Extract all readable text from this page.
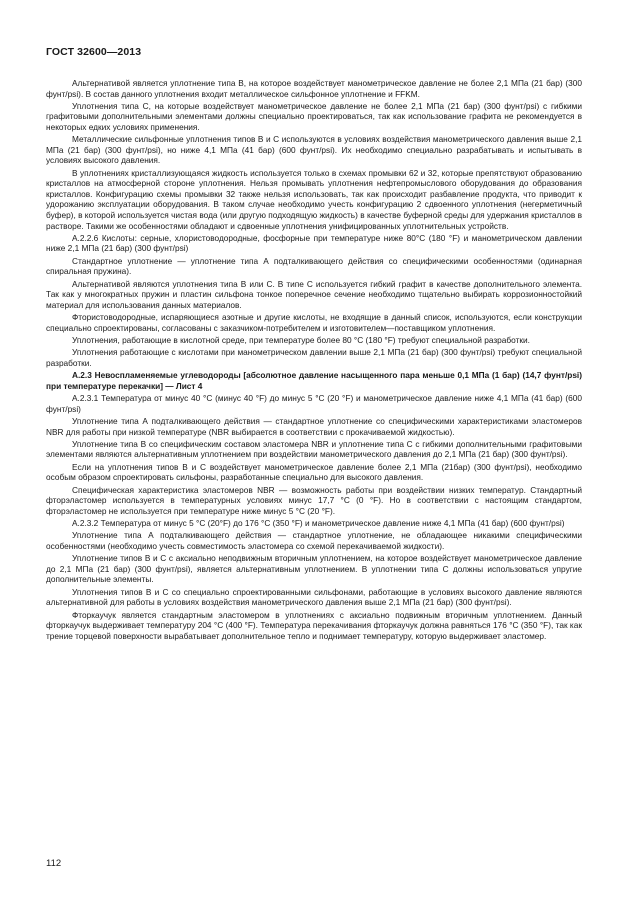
ГОСТ 32600—2013

Альтернативой является уплотнение типа В, на которое воздействует манометрическое давление не более 2,1 МПа (21 бар) (300 фунт/psi). В состав данного уплотнения входит металлическое сильфонное уплотнение и FFKM.

Уплотнения типа С, на которые воздействует манометрическое давление не более 2,1 МПа (21 бар) (300 фунт/psi) с гибкими графитовыми дополнительными элементами должны специально проектироваться, так как использование графита не рекомендуется в некоторых едких условиях применения.

Металлические сильфонные уплотнения типов В и С используются в условиях воздействия манометрического давления выше 2,1 МПа (21 бар) (300 фунт/psi), но ниже 4,1 МПа (41 бар) (600 фунт/psi). Их необходимо специально разрабатывать и испытывать в условиях высокого давления.

В уплотнениях кристаллизующаяся жидкость используется только в схемах промывки 62 и 32, которые препятствуют образованию кристаллов на атмосферной стороне уплотнения. Нельзя промывать уплотнения нефтепромыслового оборудования до образования кристаллов. Конфигурацию схемы промывки 32 также нельзя использовать, так как происходит разбавление продукта, что приводит к удорожанию эксплуатации оборудования. В таком случае необходимо учесть конфигурацию 2 сдвоенного уплотнения (негерметичный буфер), в которой используется чистая вода (или другую подходящую жидкость) в качестве буферной среды для удержания кристаллов в растворе. Такими же особенностями обладают и сдвоенные уплотнения унифицированных уплотнительных устройств.

А.2.2.6 Кислоты: серные, хлористоводородные, фосфорные при температуре ниже 80°С (180 °F) и манометрическом давлении ниже 2,1 МПа (21 бар) (300 фунт/psi)

Стандартное уплотнение — уплотнение типа А подталкивающего действия со специфическими особенностями (одинарная спиральная пружина).

Альтернативой являются уплотнения типа В или С. В типе С используется гибкий графит в качестве дополнительного элемента. Так как у многократных пружин и пластин сильфона тонкое поперечное сечение необходимо тщательно выбирать коррозионностойкий материал для использования данных материалов.

Фтористоводородные, испаряющиеся азотные и другие кислоты, не входящие в данный список, используются, если конструкции специально спроектированы, согласованы с заказчиком-потребителем и изготовителем—поставщиком уплотнения.

Уплотнения, работающие в кислотной среде, при температуре более 80 °С (180 °F) требуют специальной разработки.

Уплотнения работающие с кислотами при манометрическом давлении выше 2,1 МПа (21 бар) (300 фунт/psi) требуют специальной разработки.

А.2.3 Невоспламеняемые углеводороды [абсолютное давление насыщенного пара меньше 0,1 МПа (1 бар) (14,7 фунт/psi) при температуре перекачки] — Лист 4

А.2.3.1 Температура от минус 40 °С (минус 40 °F) до минус 5 °С (20 °F) и манометрическое давление ниже 4,1 МПа (41 бар) (600 фунт/psi)

Уплотнение типа А подталкивающего действия — стандартное уплотнение со специфическими характеристиками эластомеров NBR для работы при низкой температуре (NBR выбирается в соответствии с прокачиваемой жидкостью).

Уплотнение типа В со специфическим составом эластомера NBR и уплотнение типа С с гибкими дополнительными графитовыми элементами являются альтернативным уплотнением при воздействии манометрического давления до 2,1 МПа (21 бар) (300 фунт/psi).

Если на уплотнения типов В и С воздействует манометрическое давление более 2,1 МПа (21бар) (300 фунт/psi), необходимо особым образом спроектировать сильфоны, разработанные специально для высокого давления.

Специфическая характеристика эластомеров NBR — возможность работы при воздействии низких температур. Стандартный фторэластомер используется в температурных условиях минус 17,7 °С (0 °F). Но в соответствии с настоящим стандартом, фторэластомер не используется при температуре ниже минус 5 °С (20 °F).

А.2.3.2 Температура от минус 5 °С (20°F) до 176 °С (350 °F) и манометрическое давление ниже 4,1 МПа (41 бар) (600 фунт/psi)

Уплотнение типа А подталкивающего действия — стандартное уплотнение, не обладающее никакими специфическими особенностями (необходимо учесть совместимость эластомера со схемой перекачиваемой жидкости).

Уплотнение типов В и С с аксиально неподвижным вторичным уплотнением, на которое воздействует манометрическое давление до 2,1 МПа (21 бар) (300 фунт/psi), является альтернативным уплотнением. В уплотнении типа С должны использоваться упругие дополнительные элементы.

Уплотнения типов В и С со специально спроектированными сильфонами, работающие в условиях высокого давление являются альтернативной для работы в условиях воздействия манометрического давления выше 2,1 МПа (21 бар) (300 фунт/psi).

Фторкаучук является стандартным эластомером в уплотнениях с аксиально подвижным вторичным уплотнением. Данный фторкаучук выдерживает температуру 204 °С (400 °F). Температура перекачивания фторкаучук должна равняться 176 °С (350 °F), так как трение торцевой поверхности вырабатывает дополнительное тепло и поднимает температуру, которую выдерживает эластомер.

112
